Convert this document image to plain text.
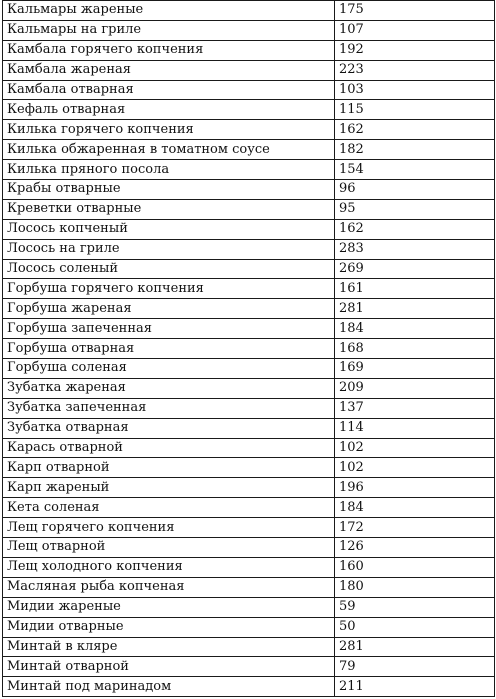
Кальмары жареные	175
Кальмары на гриле	107
Камбала горячего копчения	192
Камбала жареная	223
Камбала отварная	103
Кефаль отварная	115
Килька горячего копчения	162
Килька обжаренная в томатном соусе	182
Килька пряного посола	154
Крабы отварные	96
Креветки отварные	95
Лосось копченый	162
Лосось на гриле	283
Лосось соленый	269
Горбуша горячего копчения	161
Горбуша жареная	281
Горбуша запеченная	184
Горбуша отварная	168
Горбуша соленая	169
Зубатка жареная	209
Зубатка запеченная	137
Зубатка отварная	114
Карась отварной	102
Карп отварной	102
Карп жареный	196
Кета соленая	184
Лещ горячего копчения	172
Лещ отварной	126
Лещ холодного копчения	160
Масляная рыба копченая	180
Мидии жареные	59
Мидии отварные	50
Минтай в кляре	281
Минтай отварной	79
Минтай под маринадом	211
